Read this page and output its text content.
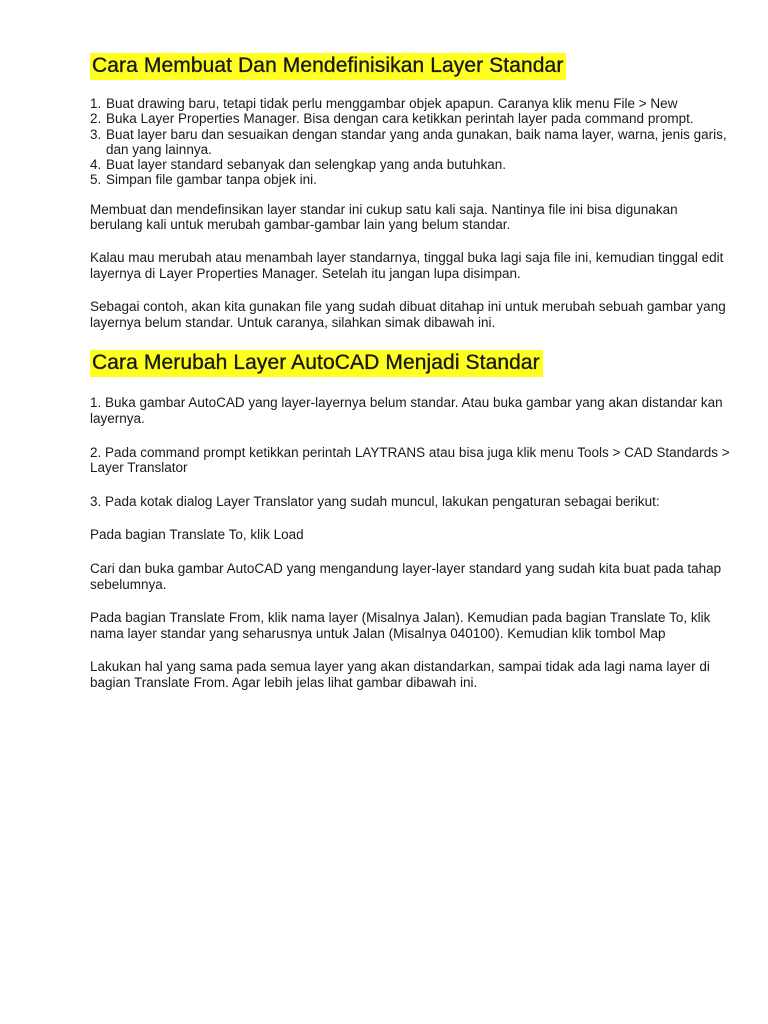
Cara Membuat Dan Mendefinisikan Layer Standar
1. Buat drawing baru, tetapi tidak perlu menggambar objek apapun. Caranya klik menu File > New
2. Buka Layer Properties Manager. Bisa dengan cara ketikkan perintah layer pada command prompt.
3. Buat layer baru dan sesuaikan dengan standar yang anda gunakan, baik nama layer, warna, jenis garis, dan yang lainnya.
4. Buat layer standard sebanyak dan selengkap yang anda butuhkan.
5. Simpan file gambar tanpa objek ini.

Membuat dan mendefinsikan layer standar ini cukup satu kali saja. Nantinya file ini bisa digunakan berulang kali untuk merubah gambar-gambar lain yang belum standar.

Kalau mau merubah atau menambah layer standarnya, tinggal buka lagi saja file ini, kemudian tinggal edit layernya di Layer Properties Manager. Setelah itu jangan lupa disimpan.

Sebagai contoh, akan kita gunakan file yang sudah dibuat ditahap ini untuk merubah sebuah gambar yang layernya belum standar. Untuk caranya, silahkan simak dibawah ini.

Cara Merubah Layer AutoCAD Menjadi Standar

1. Buka gambar AutoCAD yang layer-layernya belum standar. Atau buka gambar yang akan distandar kan layernya.

2. Pada command prompt ketikkan perintah LAYTRANS atau bisa juga klik menu Tools > CAD Standards > Layer Translator

3. Pada kotak dialog Layer Translator yang sudah muncul, lakukan pengaturan sebagai berikut:

Pada bagian Translate To, klik Load

Cari dan buka gambar AutoCAD yang mengandung layer-layer standard yang sudah kita buat pada tahap sebelumnya.

Pada bagian Translate From, klik nama layer (Misalnya Jalan). Kemudian pada bagian Translate To, klik nama layer standar yang seharusnya untuk Jalan (Misalnya 040100). Kemudian klik tombol Map

Lakukan hal yang sama pada semua layer yang akan distandarkan, sampai tidak ada lagi nama layer di bagian Translate From. Agar lebih jelas lihat gambar dibawah ini.
